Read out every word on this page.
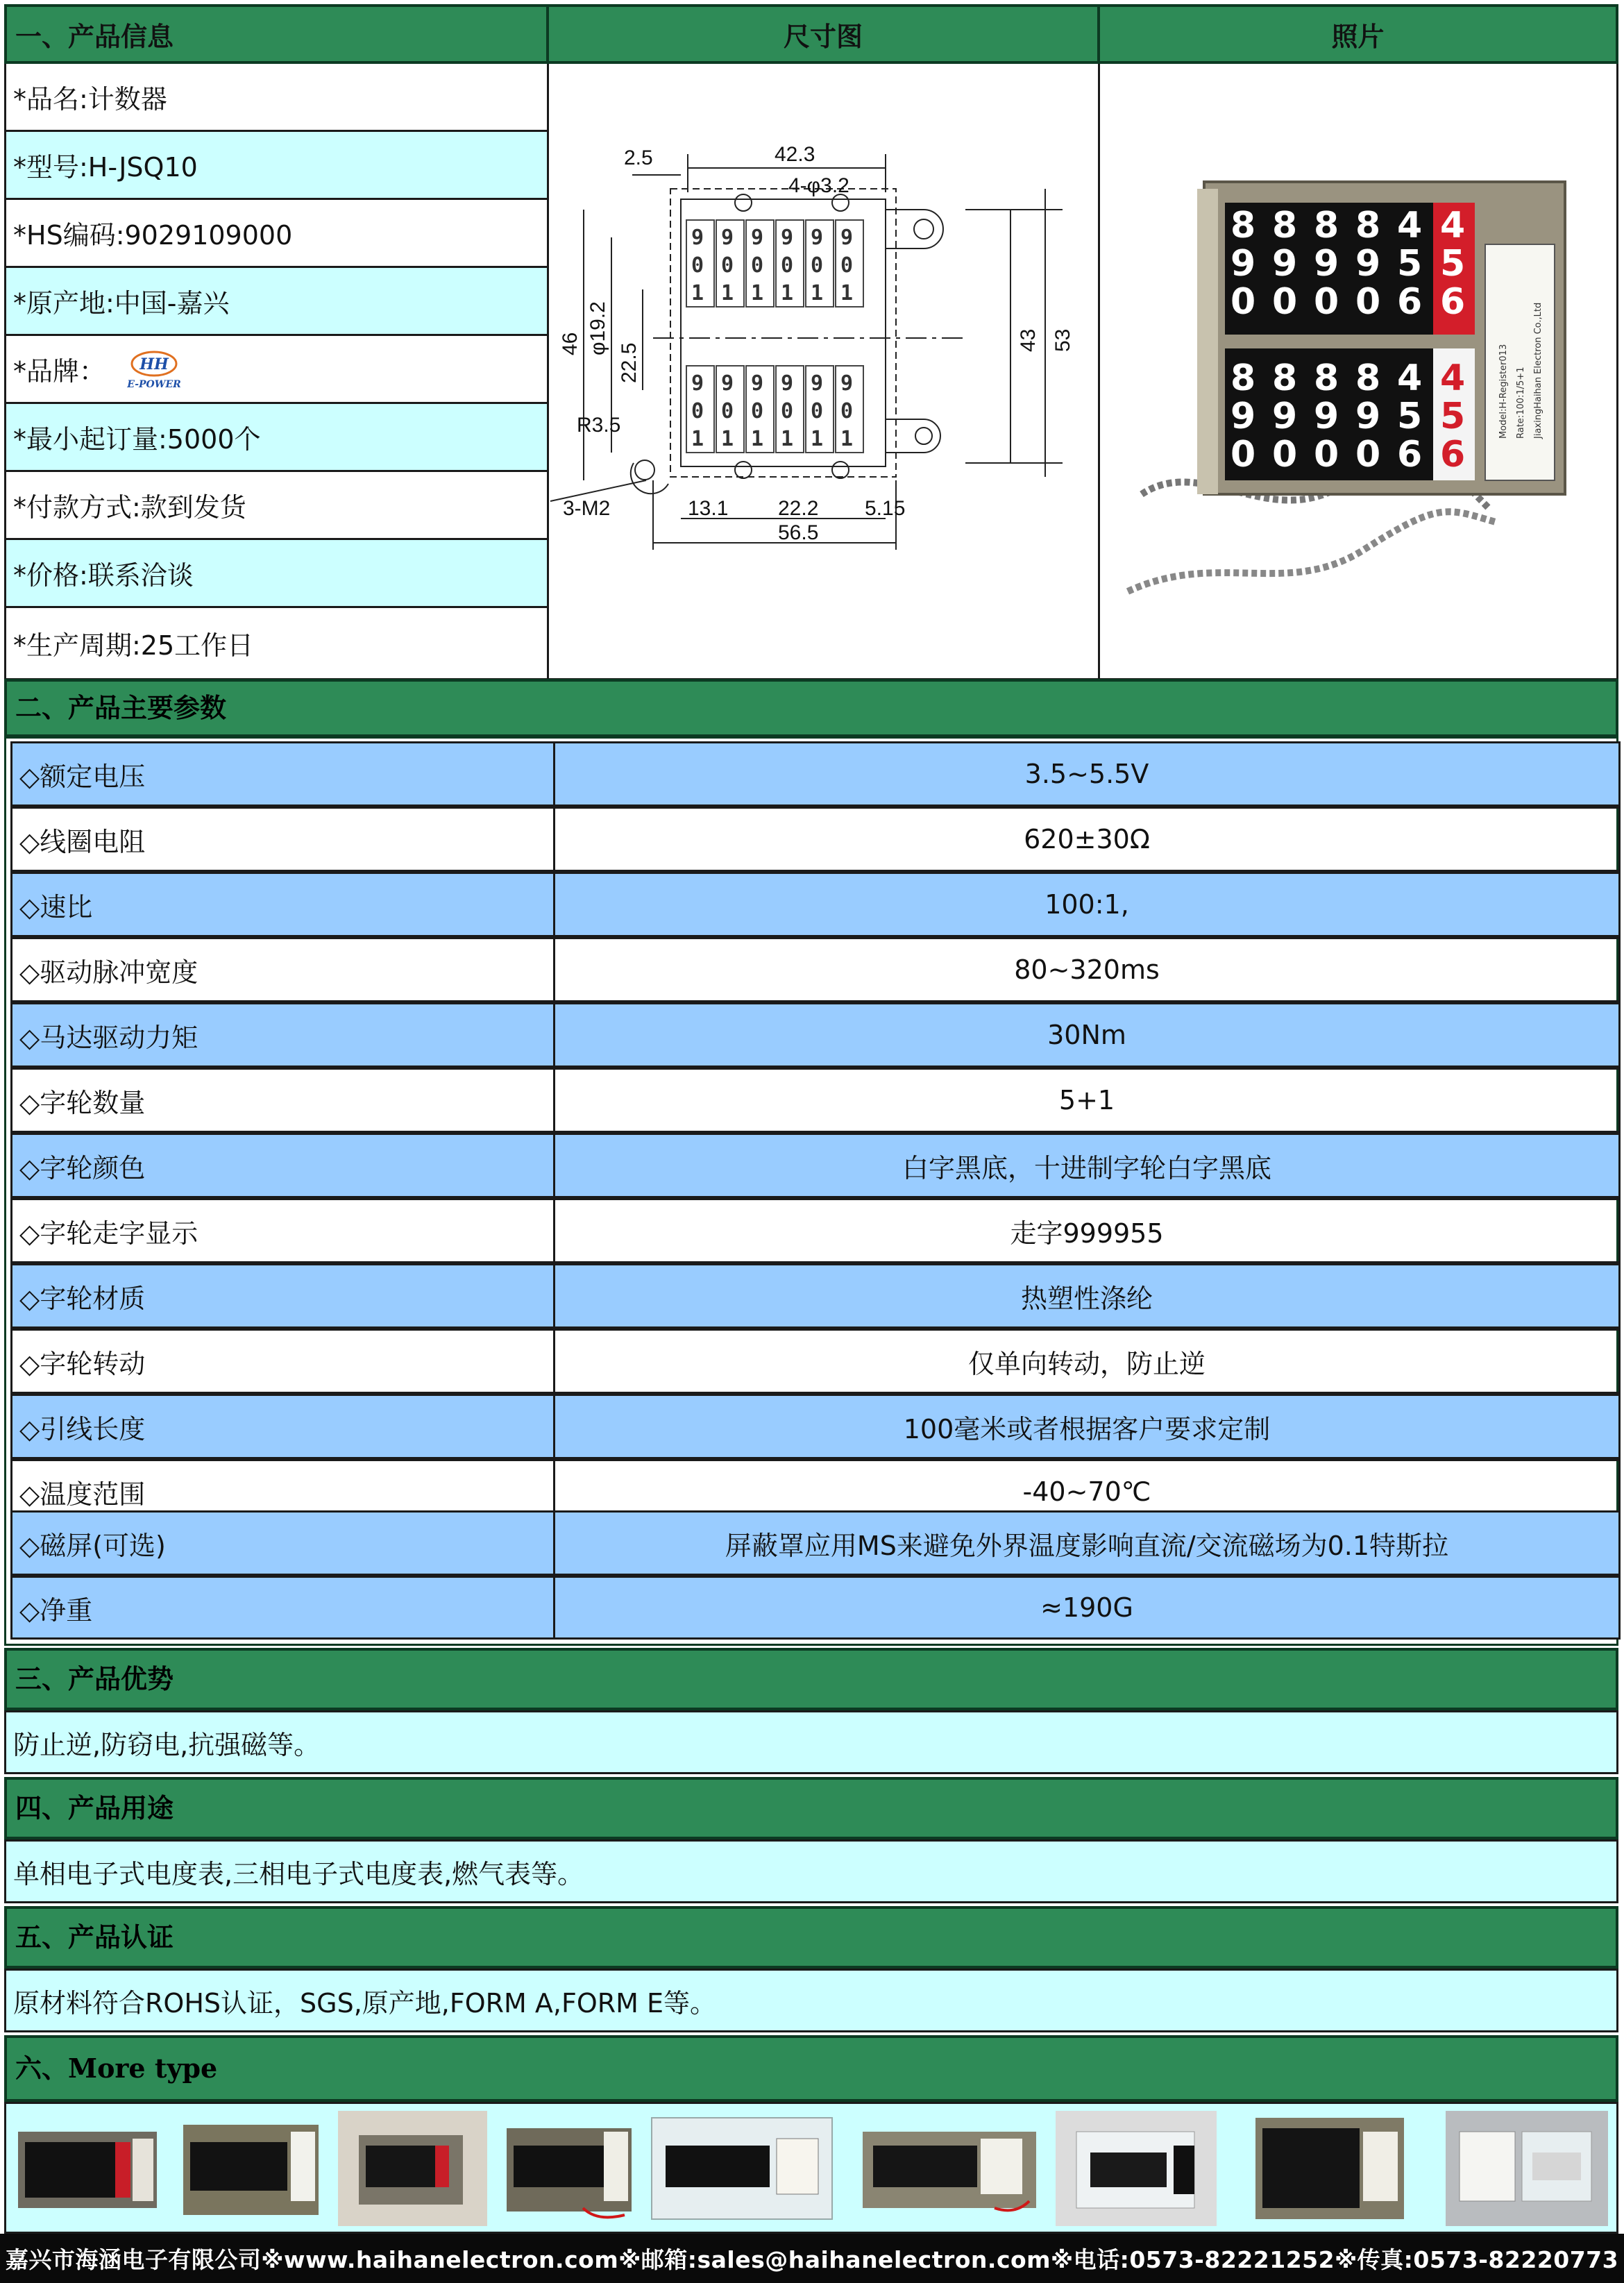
一、产品信息	尺寸图	照片
*品名:计数器
*型号:H-JSQ10
*HS编码:9029109000
*原产地:中国-嘉兴
*品牌： HH
E-POWER
*最小起订量:5000个
*付款方式:款到发货
*价格:联系洽谈
*生产周期:25工作日
9 9 9 9 9 9
0 0 0 0 0 0
1 1 1 1 1 1
9 9 9 9 9 9
0 0 0 0 0 0
1 1 1 1 1 1
2.5	42.3
4-φ3.2
φ19.2
22.5
46	43 53
R3.5
3-M2	13.1 22.2 5.15
56.5
8 8 8 8 4 4
9 9 9 9 5 5
0 0 0 0 6 6
8 8 8 8 4
9 9 9 9 5
0 0 0 0 6
4
5
6
Model:H-Register013 Rate:100:1/5+1 JiaxingHaihan Electron Co.,Ltd
二、产品主要参数
◇额定电压	3.5~5.5V
◇线圈电阻	620±30Ω
◇速比	100:1,
◇驱动脉冲宽度	80~320ms
◇马达驱动力矩	30Nm
◇字轮数量	5+1
◇字轮颜色	白字黑底，十进制字轮白字黑底
◇字轮走字显示	走字999955
◇字轮材质	热塑性涤纶
◇字轮转动	仅单向转动，防止逆
◇引线长度	100毫米或者根据客户要求定制
◇温度范围	-40~70℃
◇磁屏(可选)	屏蔽罩应用MS来避免外界温度影响直流/交流磁场为0.1特斯拉
◇净重	≈190G
三、产品优势
防止逆,防窃电,抗强磁等。
四、产品用途
单相电子式电度表,三相电子式电度表,燃气表等。
五、产品认证
原材料符合ROHS认证，SGS,原产地,FORM A,FORM E等。
六、More type
嘉兴市海涵电子有限公司※www.haihanelectron.com※邮箱:sales@haihanelectron.com※电话:0573-82221252※传真:0573-82220773
